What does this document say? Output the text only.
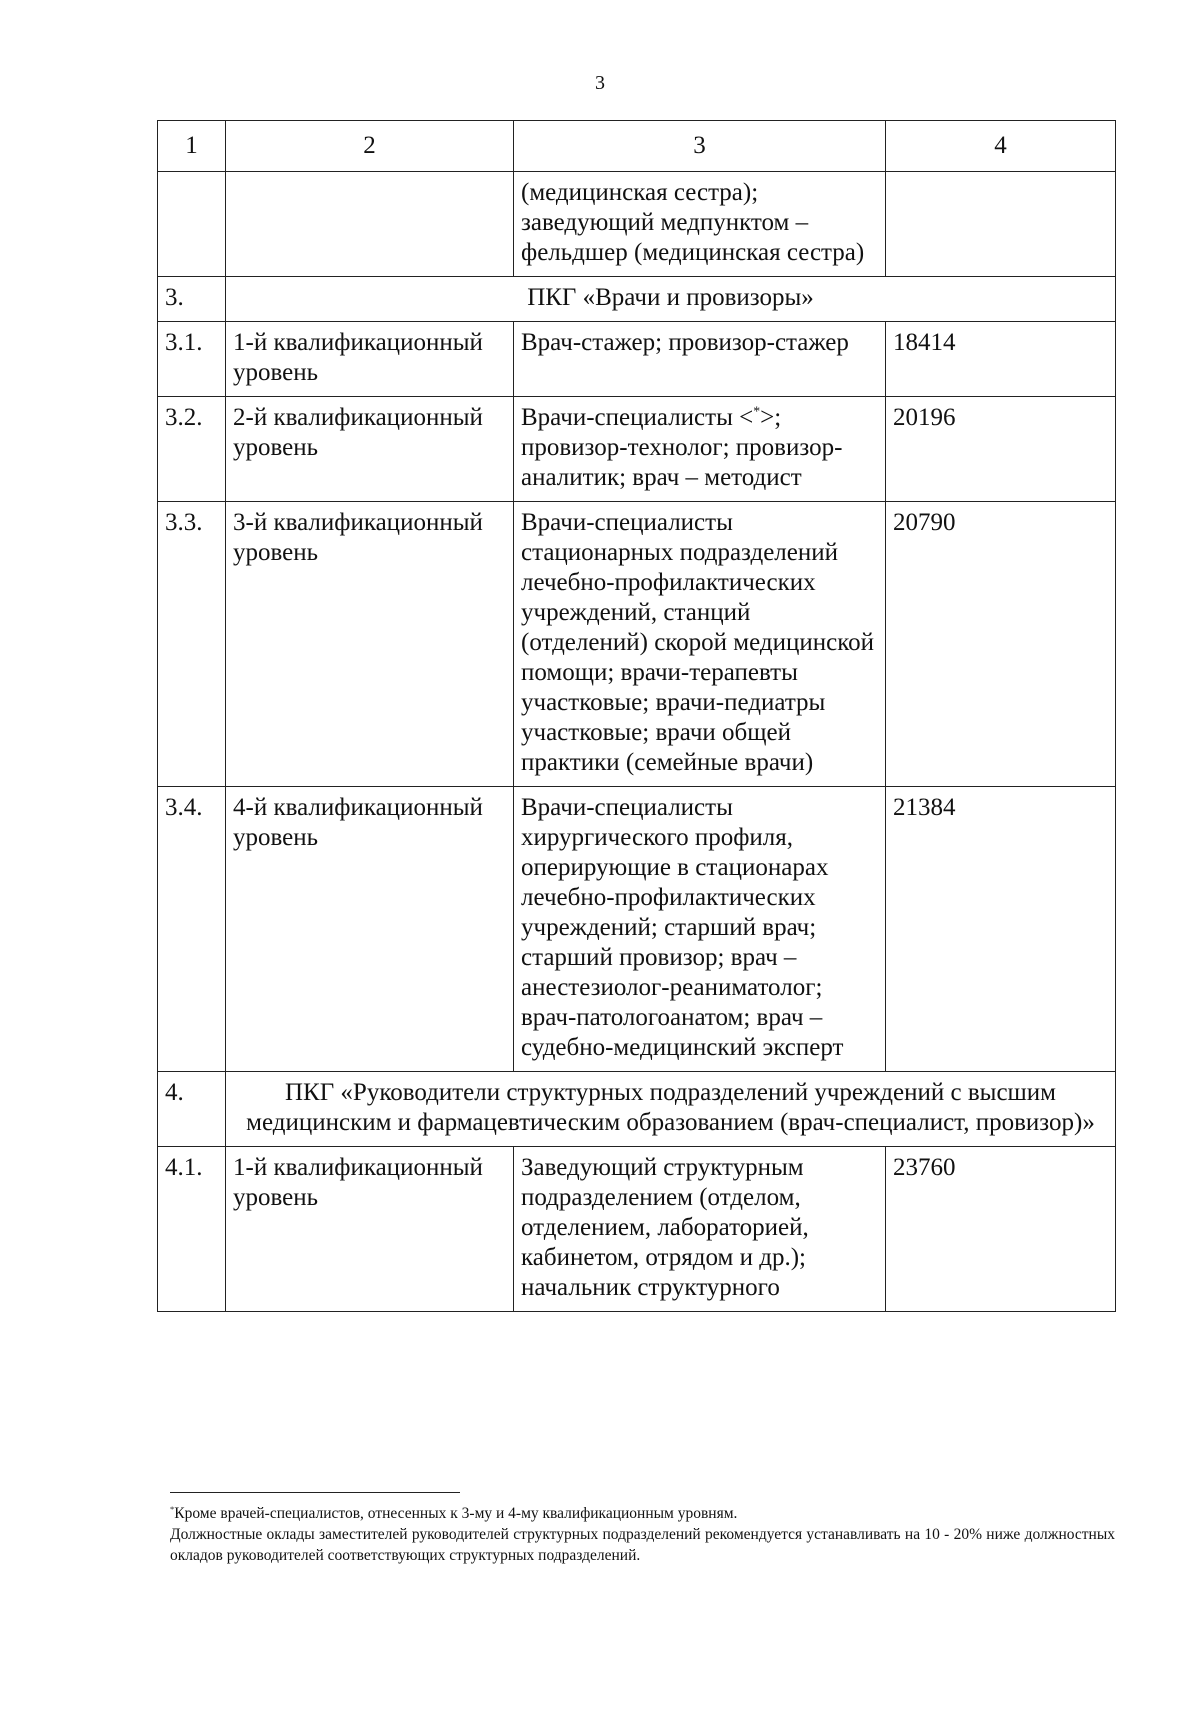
3
1	2	3	4
		(медицинская сестра); заведующий медпунктом – фельдшер (медицинская сестра)	
3.	ПКГ «Врачи и провизоры»		
3.1.	1-й квалификационный уровень	Врач-стажер; провизор-стажер	18414
3.2.	2-й квалификационный уровень	Врачи-специалисты <*>; провизор-технолог; провизор-аналитик; врач – методист	20196
3.3.	3-й квалификационный уровень	Врачи-специалисты стационарных подразделений лечебно-профилактических учреждений, станций (отделений) скорой медицинской помощи; врачи-терапевты участковые; врачи-педиатры участковые; врачи общей практики (семейные врачи)	20790
3.4.	4-й квалификационный уровень	Врачи-специалисты хирургического профиля, оперирующие в стационарах лечебно-профилактических учреждений; старший врач; старший провизор; врач – анестезиолог-реаниматолог; врач-патологоанатом; врач – судебно-медицинский эксперт	21384
4.	ПКГ «Руководители структурных подразделений учреждений с высшим медицинским и фармацевтическим образованием (врач-специалист, провизор)»		
4.1.	1-й квалификационный уровень	Заведующий структурным подразделением (отделом, отделением, лабораторией, кабинетом, отрядом и др.); начальник структурного	23760

*Кроме врачей-специалистов, отнесенных к 3-му и 4-му квалификационным уровням.

Должностные оклады заместителей руководителей структурных подразделений рекомендуется устанавливать на 10 - 20% ниже должностных окладов руководителей соответствующих структурных подразделений.
